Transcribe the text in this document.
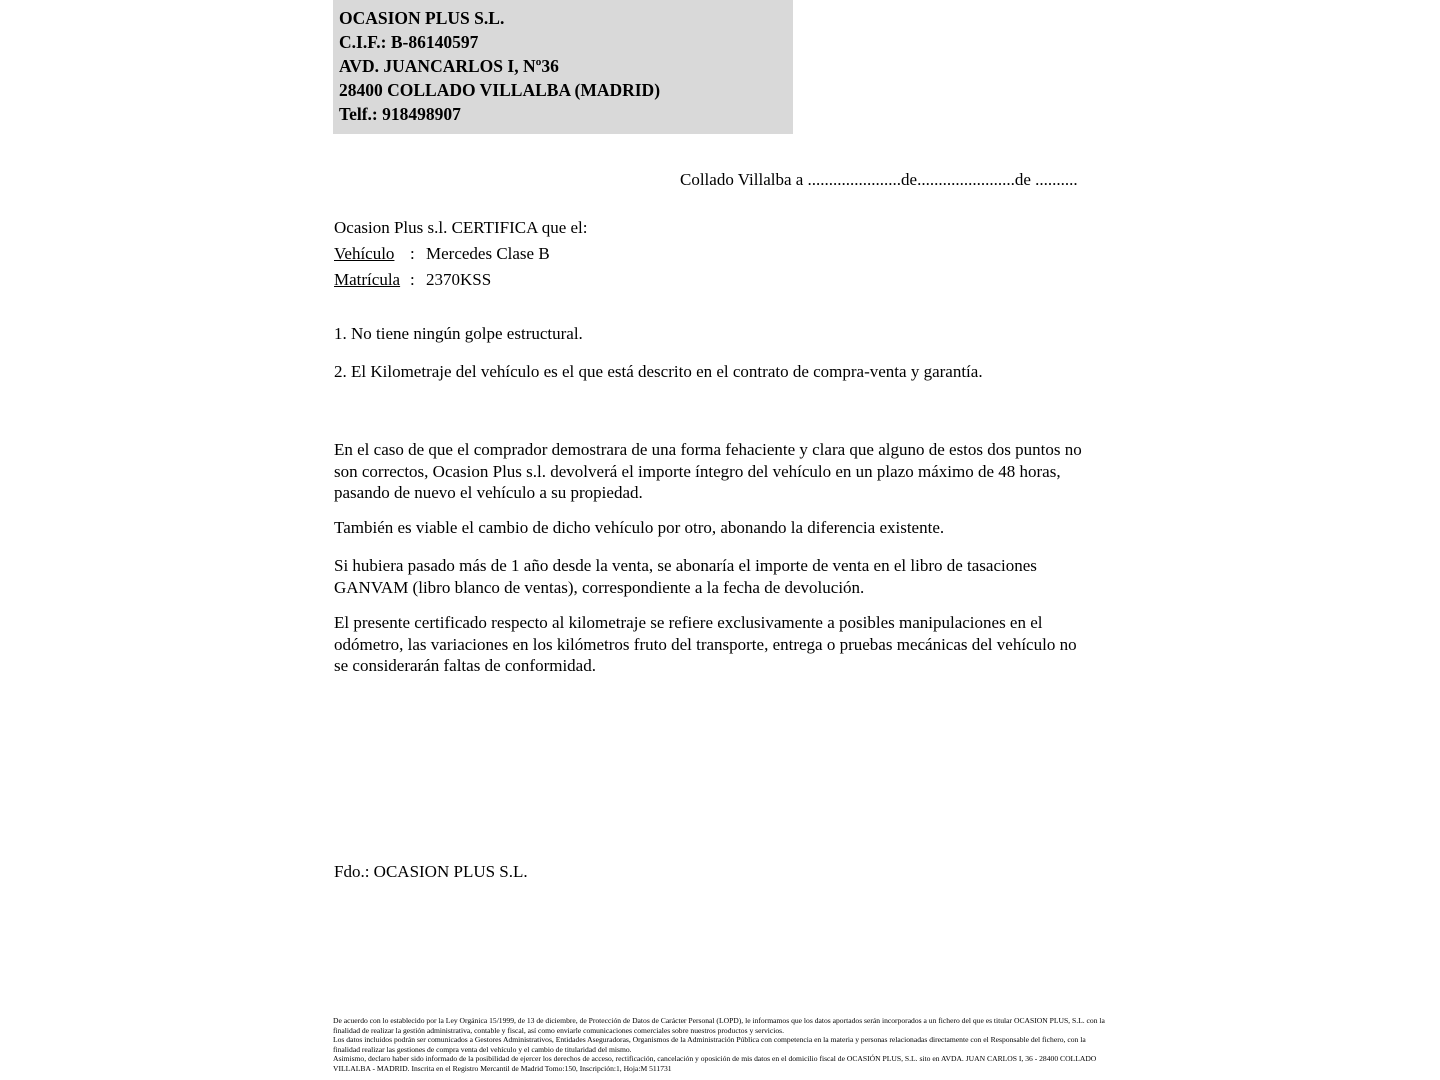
OCASION PLUS S.L.
C.I.F.: B-86140597
AVD. JUANCARLOS I, Nº36
28400 COLLADO VILLALBA (MADRID)
Telf.: 918498907
Collado Villalba a ......................de.......................de ..........
Ocasion Plus s.l. CERTIFICA que el:
Vehículo : Mercedes Clase B
Matrícula : 2370KSS
1. No tiene ningún golpe estructural.
2. El Kilometraje del vehículo es el que está descrito en el contrato de compra-venta y garantía.
En el caso de que el comprador demostrara de una forma fehaciente y clara que alguno de estos dos puntos no son correctos, Ocasion Plus s.l. devolverá el importe íntegro del vehículo en un plazo máximo de 48 horas, pasando de nuevo el vehículo a su propiedad.
También es viable el cambio de dicho vehículo por otro, abonando la diferencia existente.
Si hubiera pasado más de 1 año desde la venta, se abonaría el importe de venta en el libro de tasaciones GANVAM (libro blanco de ventas), correspondiente a la fecha de devolución.
El presente certificado respecto al kilometraje se refiere exclusivamente a posibles manipulaciones en el odómetro, las variaciones en los kilómetros fruto del transporte, entrega o pruebas mecánicas del vehículo no se considerarán faltas de conformidad.
Fdo.: OCASION PLUS S.L.

De acuerdo con lo establecido por la Ley Orgánica 15/1999, de 13 de diciembre, de Protección de Datos de Carácter Personal (LOPD), le informamos que los datos aportados serán incorporados a un fichero del que es titular OCASION PLUS, S.L. con la finalidad de realizar la gestión administrativa, contable y fiscal, así como enviarle comunicaciones comerciales sobre nuestros productos y servicios.

Los datos incluidos podrán ser comunicados a Gestores Administrativos, Entidades Aseguradoras, Organismos de la Administración Pública con competencia en la materia y personas relacionadas directamente con el Responsable del fichero, con la finalidad realizar las gestiones de compra venta del vehículo y el cambio de titularidad del mismo.

Asimismo, declaro haber sido informado de la posibilidad de ejercer los derechos de acceso, rectificación, cancelación y oposición de mis datos en el domicilio fiscal de OCASIÓN PLUS, S.L. sito en AVDA. JUAN CARLOS I, 36 - 28400 COLLADO VILLALBA - MADRID. Inscrita en el Registro Mercantil de Madrid Tomo:150, Inscripción:1, Hoja:M 511731
